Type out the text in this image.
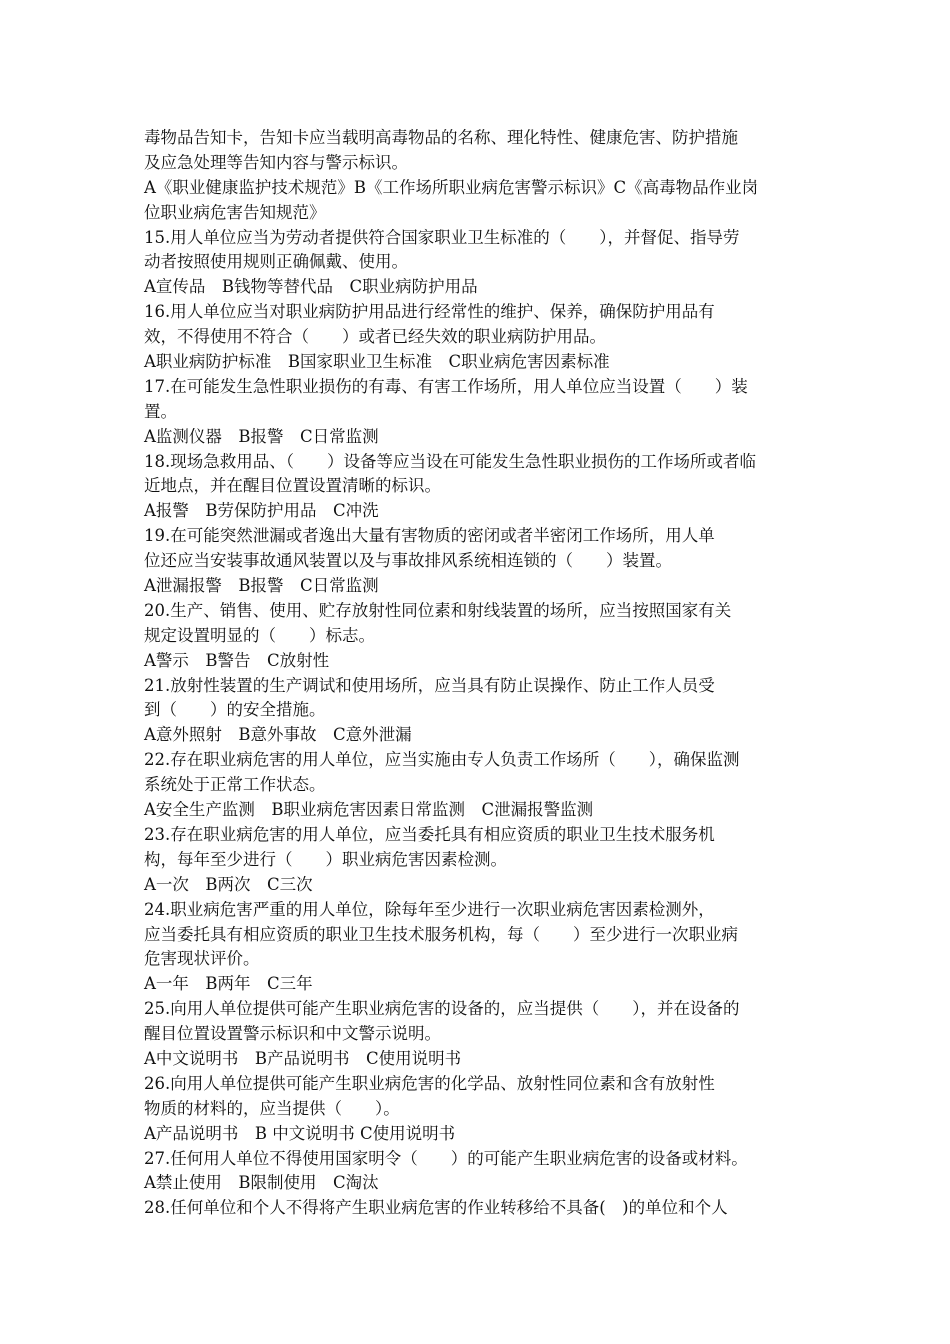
毒物品告知卡，告知卡应当载明高毒物品的名称、理化特性、健康危害、防护措施
及应急处理等告知内容与警示标识。
A《职业健康监护技术规范》B《工作场所职业病危害警示标识》C《高毒物品作业岗
位职业病危害告知规范》
15.用人单位应当为劳动者提供符合国家职业卫生标准的（　　），并督促、指导劳
动者按照使用规则正确佩戴、使用。
A宣传品　B钱物等替代品　C职业病防护用品
16.用人单位应当对职业病防护用品进行经常性的维护、保养，确保防护用品有
效，不得使用不符合（　　）或者已经失效的职业病防护用品。
A职业病防护标准　B国家职业卫生标准　C职业病危害因素标准
17.在可能发生急性职业损伤的有毒、有害工作场所，用人单位应当设置（　　）装
置。
A监测仪器　B报警　C日常监测
18.现场急救用品、（　　）设备等应当设在可能发生急性职业损伤的工作场所或者临
近地点，并在醒目位置设置清晰的标识。
A报警　B劳保防护用品　C冲洗
19.在可能突然泄漏或者逸出大量有害物质的密闭或者半密闭工作场所，用人单
位还应当安装事故通风装置以及与事故排风系统相连锁的（　　）装置。
A泄漏报警　B报警　C日常监测
20.生产、销售、使用、贮存放射性同位素和射线装置的场所，应当按照国家有关
规定设置明显的（　　）标志。
A警示　B警告　C放射性
21.放射性装置的生产调试和使用场所，应当具有防止误操作、防止工作人员受
到（　　）的安全措施。
A意外照射　B意外事故　C意外泄漏
22.存在职业病危害的用人单位，应当实施由专人负责工作场所（　　），确保监测
系统处于正常工作状态。
A安全生产监测　B职业病危害因素日常监测　C泄漏报警监测
23.存在职业病危害的用人单位，应当委托具有相应资质的职业卫生技术服务机
构，每年至少进行（　　）职业病危害因素检测。
A一次　B两次　C三次
24.职业病危害严重的用人单位，除每年至少进行一次职业病危害因素检测外，
应当委托具有相应资质的职业卫生技术服务机构，每（　　）至少进行一次职业病
危害现状评价。
A一年　B两年　C三年
25.向用人单位提供可能产生职业病危害的设备的，应当提供（　　），并在设备的
醒目位置设置警示标识和中文警示说明。
A中文说明书　B产品说明书　C使用说明书
26.向用人单位提供可能产生职业病危害的化学品、放射性同位素和含有放射性
物质的材料的，应当提供（　　）。
A产品说明书　B 中文说明书 C使用说明书
27.任何用人单位不得使用国家明令（　　）的可能产生职业病危害的设备或材料。
A禁止使用　B限制使用　C淘汰
28.任何单位和个人不得将产生职业病危害的作业转移给不具备(　)的单位和个人
